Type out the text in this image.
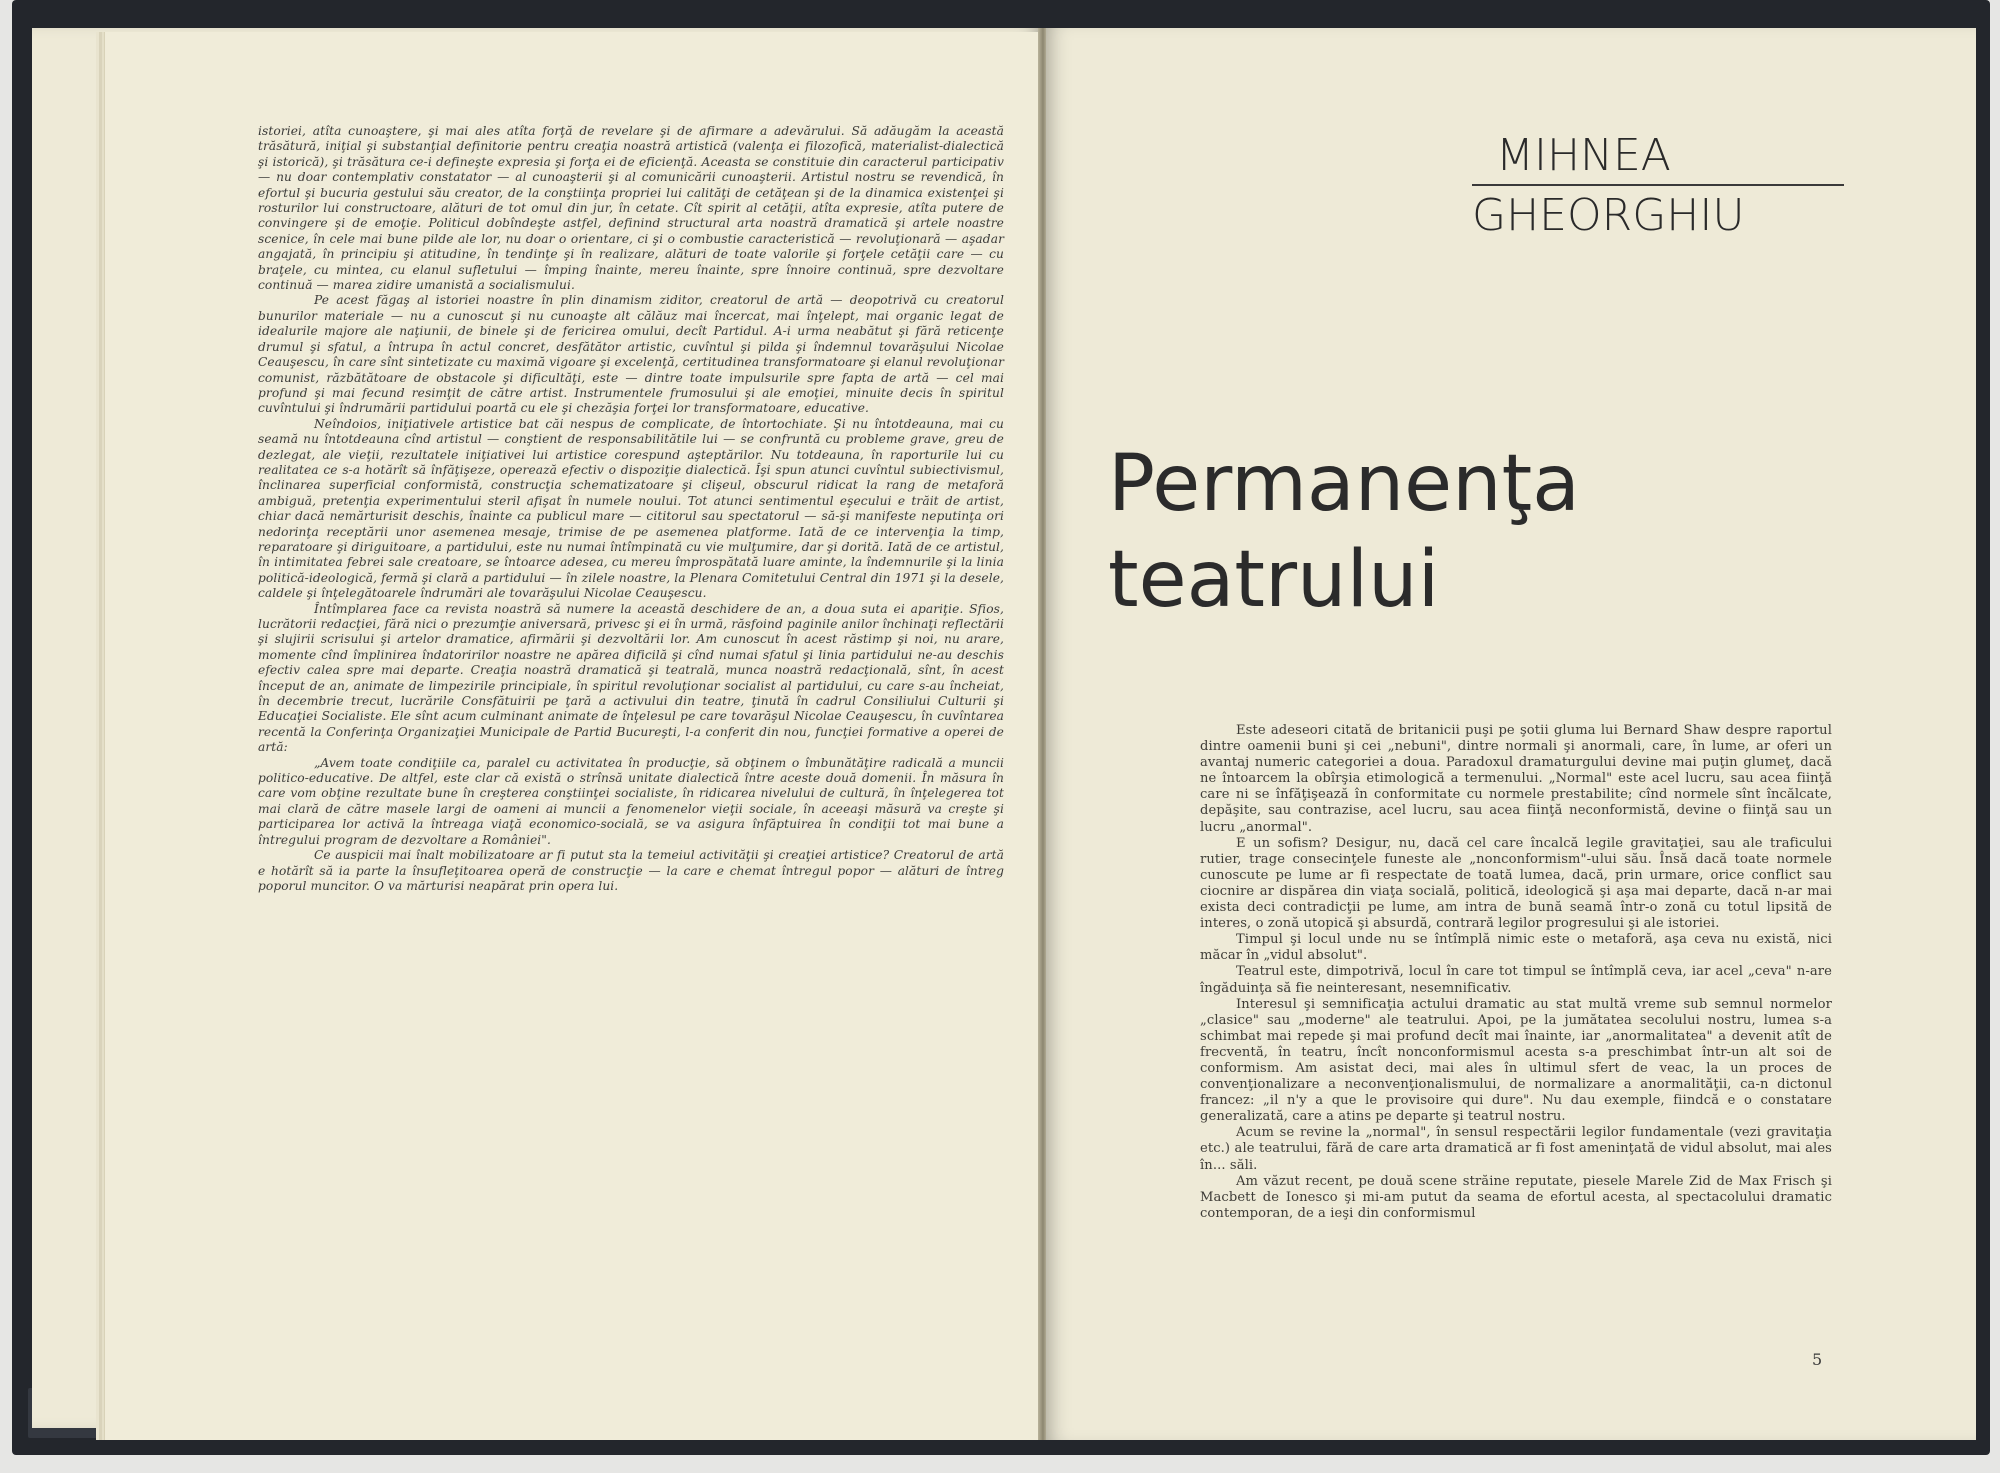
istoriei, atîta cunoaştere, şi mai ales atîta forţă de revelare şi de afirmare a adevărului. Să adăugăm la această trăsătură, iniţial şi substanţial definitorie pentru creaţia noastră artistică (valenţa ei filozofică, materialist-dialectică şi istorică), şi trăsătura ce-i defineşte expresia şi forţa ei de eficienţă. Aceasta se constituie din caracterul participativ — nu doar contemplativ constatator — al cunoaşterii şi al comunicării cunoaşterii. Artistul nostru se revendică, în efortul şi bucuria gestului său creator, de la conştiinţa propriei lui calităţi de cetăţean şi de la dinamica existenţei şi rosturilor lui constructoare, alături de tot omul din jur, în cetate. Cît spirit al cetăţii, atîta expresie, atîta putere de convingere şi de emoţie. Politicul dobîndeşte astfel, definind structural arta noastră dramatică şi artele noastre scenice, în cele mai bune pilde ale lor, nu doar o orientare, ci şi o combustie caracteristică — revoluţionară — aşadar angajată, în principiu şi atitudine, în tendinţe şi în realizare, alături de toate valorile şi forţele cetăţii care — cu braţele, cu mintea, cu elanul sufletului — împing înainte, mereu înainte, spre înnoire continuă, spre dezvoltare continuă — marea zidire umanistă a socialismului.

Pe acest făgaş al istoriei noastre în plin dinamism ziditor, creatorul de artă — deopotrivă cu creatorul bunurilor materiale — nu a cunoscut şi nu cunoaşte alt călăuz mai încercat, mai înţelept, mai organic legat de idealurile majore ale naţiunii, de binele şi de fericirea omului, decît Partidul. A-i urma neabătut şi fără reticenţe drumul şi sfatul, a întrupa în actul concret, desfătător artistic, cuvîntul şi pilda şi îndemnul tovarăşului Nicolae Ceauşescu, în care sînt sintetizate cu maximă vigoare şi excelenţă, certitudinea transformatoare şi elanul revoluţionar comunist, răzbătătoare de obstacole şi dificultăţi, este — dintre toate impulsurile spre fapta de artă — cel mai profund şi mai fecund resimţit de către artist. Instrumentele frumosului şi ale emoţiei, minuite decis în spiritul cuvîntului şi îndrumării partidului poartă cu ele şi chezăşia forţei lor transformatoare, educative.

Neîndoios, iniţiativele artistice bat căi nespus de complicate, de întortochiate. Şi nu întotdeauna, mai cu seamă nu întotdeauna cînd artistul — conştient de responsabilitătile lui — se confruntă cu probleme grave, greu de dezlegat, ale vieţii, rezultatele iniţiativei lui artistice corespund aşteptărilor. Nu totdeauna, în raporturile lui cu realitatea ce s-a hotărît să înfăţişeze, operează efectiv o dispoziţie dialectică. Îşi spun atunci cuvîntul subiectivismul, înclinarea superficial conformistă, construcţia schematizatoare şi clişeul, obscurul ridicat la rang de metaforă ambiguă, pretenţia experimentului steril afişat în numele noului. Tot atunci sentimentul eşecului e trăit de artist, chiar dacă nemărturisit deschis, înainte ca publicul mare — cititorul sau spectatorul — să-şi manifeste neputinţa ori nedorinţa receptării unor asemenea mesaje, trimise de pe asemenea platforme. Iată de ce intervenţia la timp, reparatoare şi diriguitoare, a partidului, este nu numai întîmpinată cu vie mulţumire, dar şi dorită. Iată de ce artistul, în intimitatea febrei sale creatoare, se întoarce adesea, cu mereu împrospătată luare aminte, la îndemnurile şi la linia politică-ideologică, fermă şi clară a partidului — în zilele noastre, la Plenara Comitetului Central din 1971 şi la desele, caldele şi înţelegătoarele îndrumări ale tovarăşului Nicolae Ceauşescu.

Întîmplarea face ca revista noastră să numere la această deschidere de an, a doua suta ei apariţie. Sfios, lucrătorii redacţiei, fără nici o prezumţie aniversară, privesc şi ei în urmă, răsfoind paginile anilor închinaţi reflectării şi slujirii scrisului şi artelor dramatice, afirmării şi dezvoltării lor. Am cunoscut în acest răstimp şi noi, nu arare, momente cînd împlinirea îndatoririlor noastre ne apărea dificilă şi cînd numai sfatul şi linia partidului ne-au deschis efectiv calea spre mai departe. Creaţia noastră dramatică şi teatrală, munca noastră redacţională, sînt, în acest început de an, animate de limpezirile principiale, în spiritul revoluţionar socialist al partidului, cu care s-au încheiat, în decembrie trecut, lucrările Consfătuirii pe ţară a activului din teatre, ţinută în cadrul Consiliului Culturii şi Educaţiei Socialiste. Ele sînt acum culminant animate de înţelesul pe care tovarăşul Nicolae Ceauşescu, în cuvîntarea recentă la Conferinţa Organizaţiei Municipale de Partid Bucureşti, l-a conferit din nou, funcţiei formative a operei de artă:

„Avem toate condiţiile ca, paralel cu activitatea în producţie, să obţinem o îmbunătăţire radicală a muncii politico-educative. De altfel, este clar că există o strînsă unitate dialectică între aceste două domenii. În măsura în care vom obţine rezultate bune în creşterea conştiinţei socialiste, în ridicarea nivelului de cultură, în înţelegerea tot mai clară de către masele largi de oameni ai muncii a fenomenelor vieţii sociale, în aceeaşi măsură va creşte şi participarea lor activă la întreaga viaţă economico-socială, se va asigura înfăptuirea în condiţii tot mai bune a întregului program de dezvoltare a României".

Ce auspicii mai înalt mobilizatoare ar fi putut sta la temeiul activităţii şi creaţiei artistice? Creatorul de artă e hotărît să ia parte la însufleţitoarea operă de construcţie — la care e chemat întregul popor — alături de întreg poporul muncitor. O va mărturisi neapărat prin opera lui.

MIHNEA
GHEORGHIU
Permanenţa
teatrului

Este adeseori citată de britanicii puşi pe şotii gluma lui Bernard Shaw despre raportul dintre oamenii buni şi cei „nebuni", dintre normali şi anormali, care, în lume, ar oferi un avantaj numeric categoriei a doua. Paradoxul dramaturgului devine mai puţin glumeţ, dacă ne întoarcem la obîrşia etimologică a termenului. „Normal" este acel lucru, sau acea fiinţă care ni se înfăţişează în conformitate cu normele prestabilite; cînd normele sînt încălcate, depăşite, sau contrazise, acel lucru, sau acea fiinţă neconformistă, devine o fiinţă sau un lucru „anormal".

E un sofism? Desigur, nu, dacă cel care încalcă legile gravitaţiei, sau ale traficului rutier, trage consecinţele funeste ale „nonconformism"-ului său. Însă dacă toate normele cunoscute pe lume ar fi respectate de toată lumea, dacă, prin urmare, orice conflict sau ciocnire ar dispărea din viaţa socială, politică, ideologică şi aşa mai departe, dacă n-ar mai exista deci contradicţii pe lume, am intra de bună seamă într-o zonă cu totul lipsită de interes, o zonă utopică şi absurdă, contrară legilor progresului şi ale istoriei.

Timpul şi locul unde nu se întîmplă nimic este o metaforă, aşa ceva nu există, nici măcar în „vidul absolut".

Teatrul este, dimpotrivă, locul în care tot timpul se întîmplă ceva, iar acel „ceva" n-are îngăduinţa să fie neinteresant, nesemnificativ.

Interesul şi semnificaţia actului dramatic au stat multă vreme sub semnul normelor „clasice" sau „moderne" ale teatrului. Apoi, pe la jumătatea secolului nostru, lumea s-a schimbat mai repede şi mai profund decît mai înainte, iar „anormalitatea" a devenit atît de frecventă, în teatru, încît nonconformismul acesta s-a preschimbat într-un alt soi de conformism. Am asistat deci, mai ales în ultimul sfert de veac, la un proces de convenţionalizare a neconvenţionalismului, de normalizare a anormalităţii, ca-n dictonul francez: „il n'y a que le provisoire qui dure". Nu dau exemple, fiindcă e o constatare generalizată, care a atins pe departe şi teatrul nostru.

Acum se revine la „normal", în sensul respectării legilor fundamentale (vezi gravitaţia etc.) ale teatrului, fără de care arta dramatică ar fi fost ameninţată de vidul absolut, mai ales în... săli.

Am văzut recent, pe două scene străine reputate, piesele Marele Zid de Max Frisch şi Macbett de Ionesco şi mi-am putut da seama de efortul acesta, al spectacolului dramatic contemporan, de a ieşi din conformismul

5
